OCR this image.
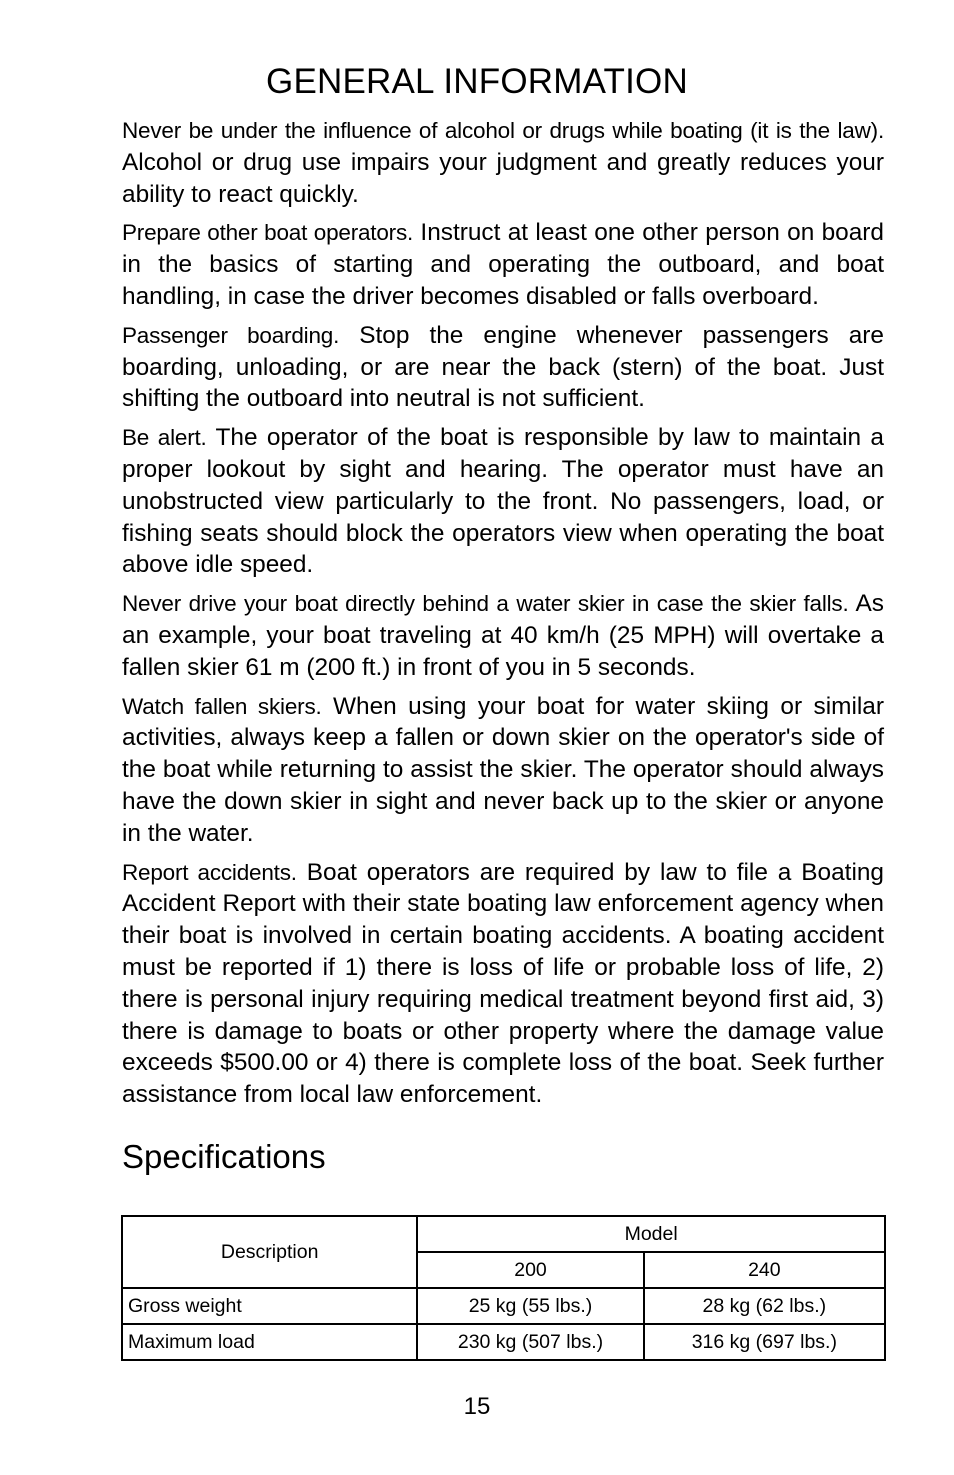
GENERAL INFORMATION

Never be under the influence of alcohol or drugs while boating (it is the law). Alcohol or drug use impairs your judgment and greatly reduces your ability to react quickly.

Prepare other boat operators. Instruct at least one other person on board in the basics of starting and operating the outboard, and boat handling, in case the driver becomes disabled or falls overboard.

Passenger boarding. Stop the engine whenever passengers are boarding, unloading, or are near the back (stern) of the boat. Just shifting the outboard into neutral is not sufficient.

Be alert. The operator of the boat is responsible by law to maintain a proper lookout by sight and hearing. The operator must have an unobstructed view particularly to the front. No passengers, load, or fishing seats should block the operators view when operating the boat above idle speed.

Never drive your boat directly behind a water skier in case the skier falls. As an example, your boat traveling at 40 km/h (25 MPH) will overtake a fallen skier 61 m (200 ft.) in front of you in 5 seconds.

Watch fallen skiers. When using your boat for water skiing or similar activities, always keep a fallen or down skier on the operator's side of the boat while returning to assist the skier. The operator should always have the down skier in sight and never back up to the skier or anyone in the water.

Report accidents. Boat operators are required by law to file a Boating Accident Report with their state boating law enforcement agency when their boat is involved in certain boating accidents. A boating accident must be reported if 1) there is loss of life or probable loss of life, 2) there is personal injury requiring medical treatment beyond first aid, 3) there is damage to boats or other property where the damage value exceeds $500.00 or 4) there is complete loss of the boat. Seek further assistance from local law enforcement.

Specifications
Description	Model	
	200	240
Gross weight	25 kg (55 lbs.)	28 kg (62 lbs.)
Maximum load	230 kg (507 lbs.)	316 kg (697 lbs.)
15
